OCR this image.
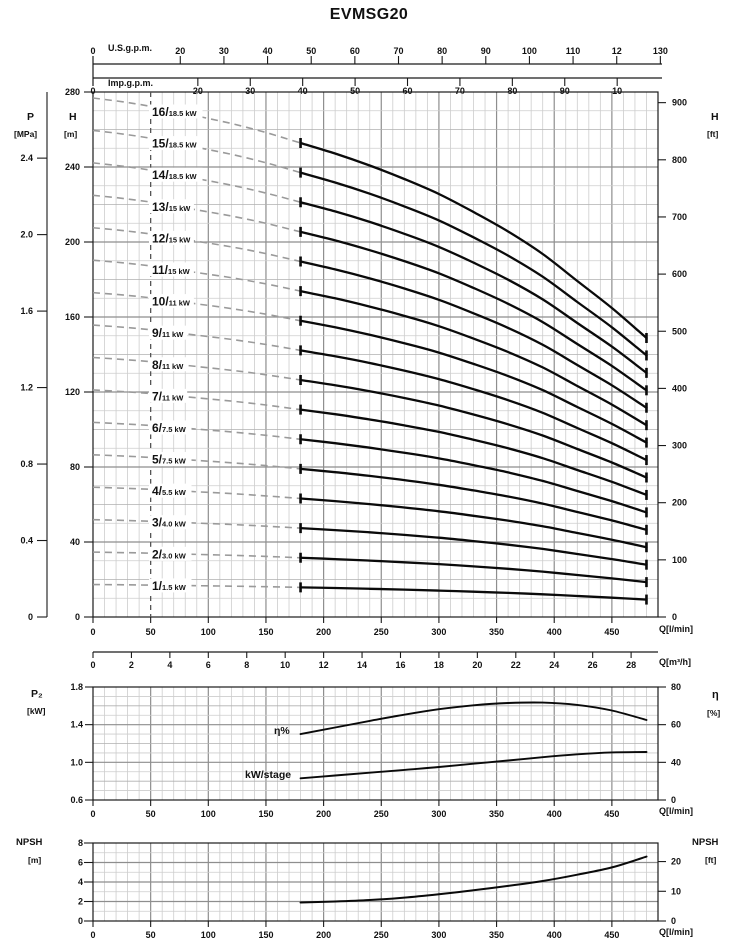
EVMSG20
0	20	30	40	50	60	70	80	90	100	110	12	130
0	20	30	40	50	60	70	80	90	10
0
40
80
120
160
200
240
280
0
0.4
0.8
1.2
1.6
2.0
2.4
0
100
200
300
400
500
600
700
800
900
0	50	100	150	200	250	300	350	400	450
0	2	4	6	8	10	12	14	16	18	20	22	24	26	28
16/18.5 kW
15/18.5 kW
14/18.5 kW
13/15 kW
12/15 kW
11/15 kW
10/11 kW
9/11 kW
8/11 kW
7/11 kW
6/7.5 kW
5/7.5 kW
4/5.5 kW
3/4.0 kW
2/3.0 kW
1/1.5 kW
0.6
1.0
1.4
1.8
0
40
60
80
0	50	100	150	200	250	300	350	400	450
0
2
4
6
8
0
10
20
0	50	100	150	200	250	300	350	400	450
U.S.g.p.m.
Imp.g.p.m.
P
[MPa]
H
[m]
H
[ft]
Q[l/min]
Q[m³/h]
P₂
[kW]
η
[%]
Q[l/min]
η%
kW/stage
NPSH
[m]
NPSH
[ft]
Q[l/min]
